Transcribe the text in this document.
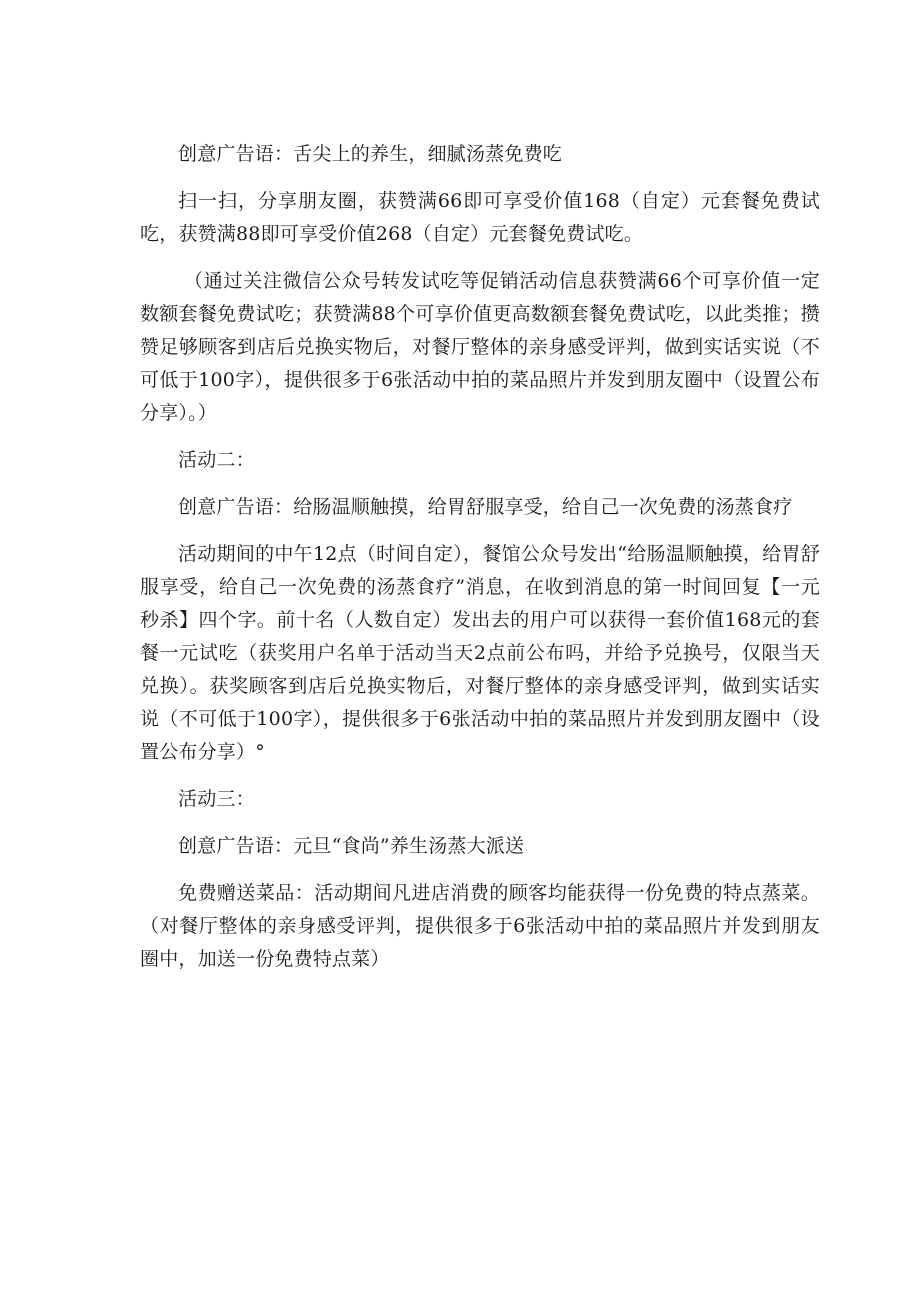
创意广告语：舌尖上的养生，细腻汤蒸免费吃

扫一扫，分享朋友圈，获赞满66即可享受价值168（自定）元套餐免费试吃，获赞满88即可享受价值268（自定）元套餐免费试吃。

（通过关注微信公众号转发试吃等促销活动信息获赞满66个可享价值一定数额套餐免费试吃；获赞满88个可享价值更高数额套餐免费试吃，以此类推；攒赞足够顾客到店后兑换实物后，对餐厅整体的亲身感受评判，做到实话实说（不可低于100字），提供很多于6张活动中拍的菜品照片并发到朋友圈中（设置公布分享）。）

活动二：

创意广告语：给肠温顺触摸，给胃舒服享受，给自己一次免费的汤蒸食疗

活动期间的中午12点（时间自定），餐馆公众号发出“给肠温顺触摸，给胃舒服享受，给自己一次免费的汤蒸食疗”消息，在收到消息的第一时间回复【一元秒杀】四个字。前十名（人数自定）发出去的用户可以获得一套价值168元的套餐一元试吃（获奖用户名单于活动当天2点前公布吗，并给予兑换号，仅限当天兑换）。获奖顾客到店后兑换实物后，对餐厅整体的亲身感受评判，做到实话实说（不可低于100字），提供很多于6张活动中拍的菜品照片并发到朋友圈中（设置公布分享）°

活动三：

创意广告语：元旦“食尚”养生汤蒸大派送

免费赠送菜品：活动期间凡进店消费的顾客均能获得一份免费的特点蒸菜。（对餐厅整体的亲身感受评判，提供很多于6张活动中拍的菜品照片并发到朋友圈中，加送一份免费特点菜）
